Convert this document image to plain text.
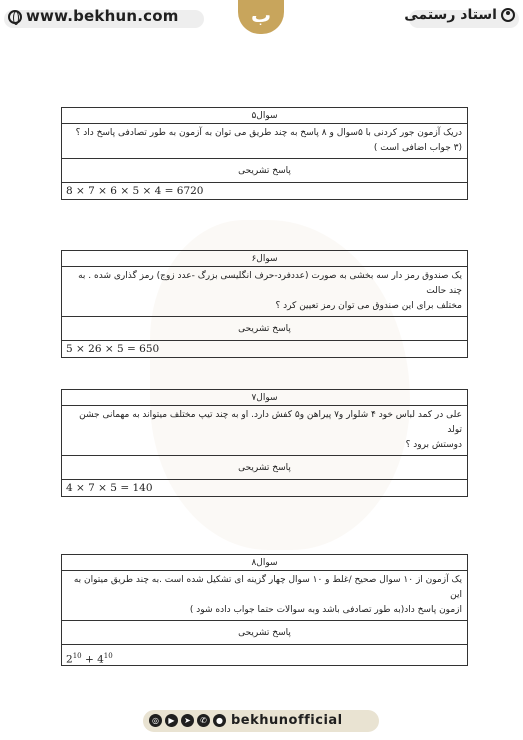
www.bekhun.com	ب	استاد رستمی
سوال۵
دریک آزمون جور کردنی با ۵سوال و ۸ پاسخ به چند طریق می توان به آزمون به طور تصادفی پاسخ داد ؟
(۳ جواب اضافی است )
پاسخ تشریحی
8 × 7 × 6 × 5 × 4 = 6720
سوال۶
یک صندوق رمز دار سه بخشی به صورت (عددفرد-حرف انگلیسی بزرگ -عدد زوج) رمز گذاری شده . به چند حالت
مختلف برای این صندوق می توان رمز تعیین کرد ؟
پاسخ تشریحی
5 × 26 × 5 = 650
سوال۷
علی در کمد لباس خود ۴ شلوار و۷ پیراهن و۵ کفش دارد. او به چند تیپ مختلف میتواند به مهمانی جشن تولد
دوستش برود ؟
پاسخ تشریحی
4 × 7 × 5 = 140
سوال۸
یک آزمون از ۱۰ سوال صحیح /غلط و ۱۰ سوال چهار گزینه ای تشکیل شده است .به چند طریق میتوان به این
ازمون پاسخ داد(به طور تصادفی باشد وبه سوالات حتما جواب داده شود )
پاسخ تشریحی
$2^{10} + 4^{10}$
◎ ▶ ➤ ✆ ● bekhunofficial
